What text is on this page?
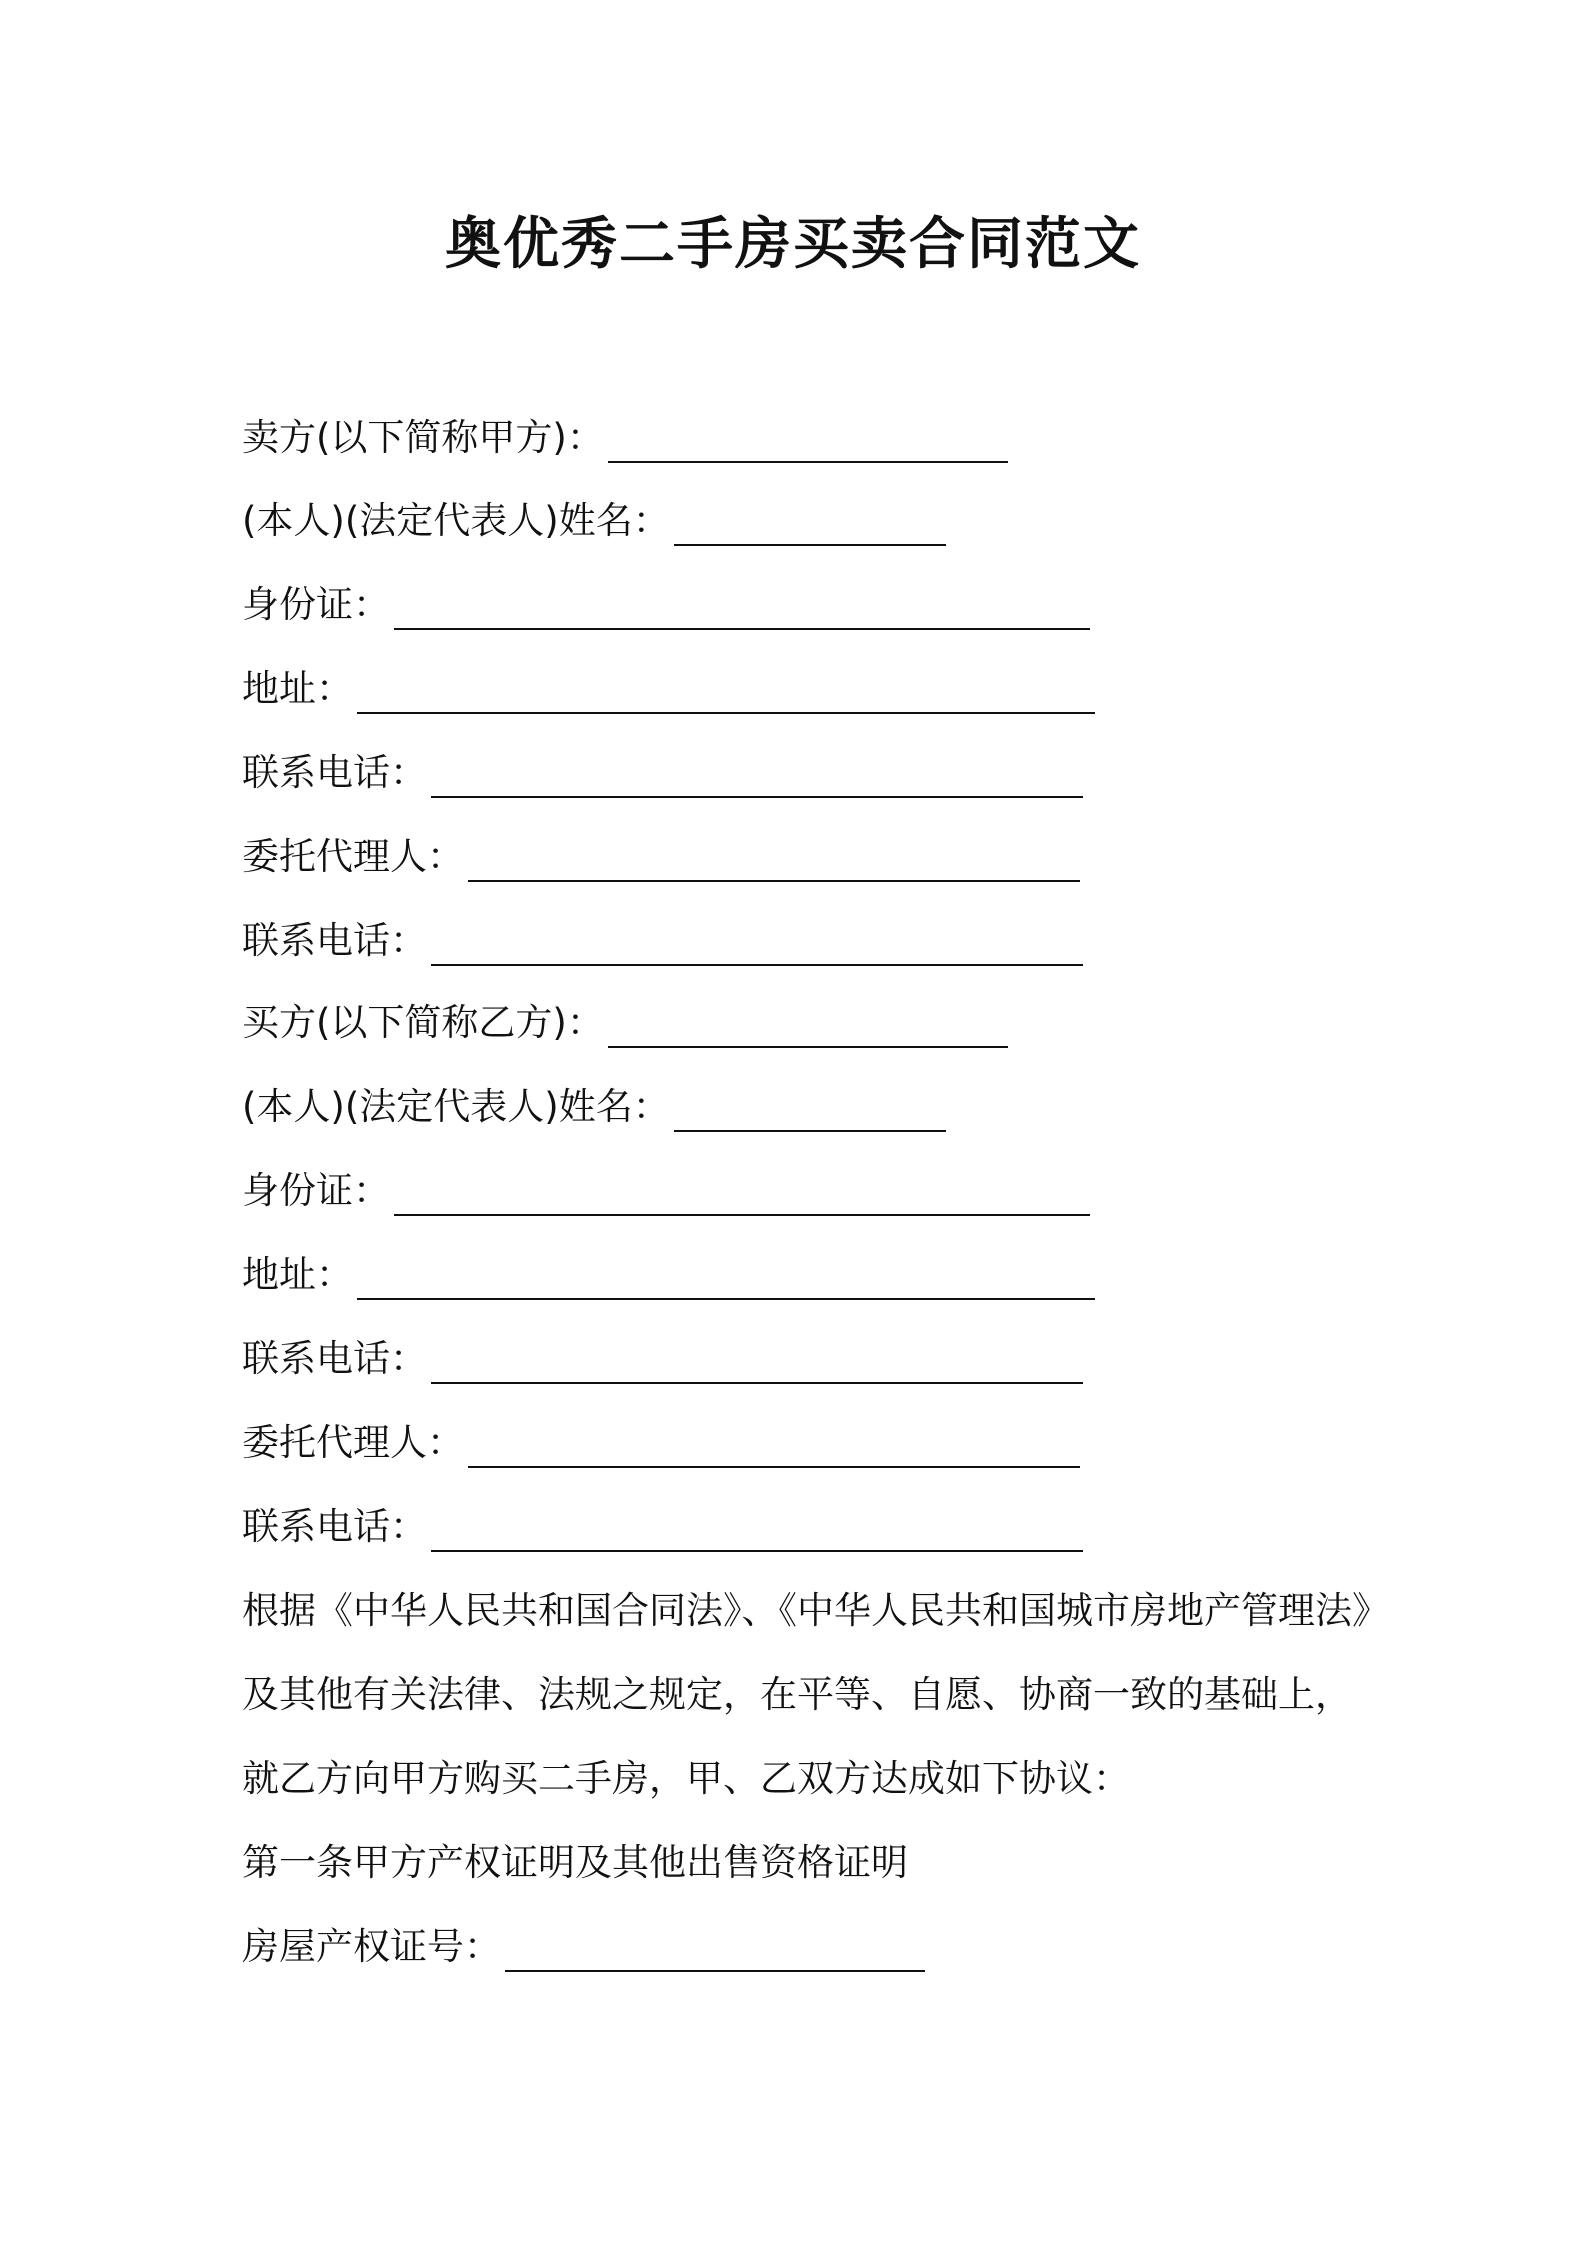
奥优秀二手房买卖合同范文
卖方(以下简称甲方)：
(本人)(法定代表人)姓名：
身份证：
地址：
联系电话：
委托代理人：
联系电话：
买方(以下简称乙方)：
(本人)(法定代表人)姓名：
身份证：
地址：
联系电话：
委托代理人：
联系电话：
根据《中华人民共和国合同法》、《中华人民共和国城市房地产管理法》
及其他有关法律、法规之规定，在平等、自愿、协商一致的基础上，
就乙方向甲方购买二手房，甲、乙双方达成如下协议：
第一条甲方产权证明及其他出售资格证明
房屋产权证号：
